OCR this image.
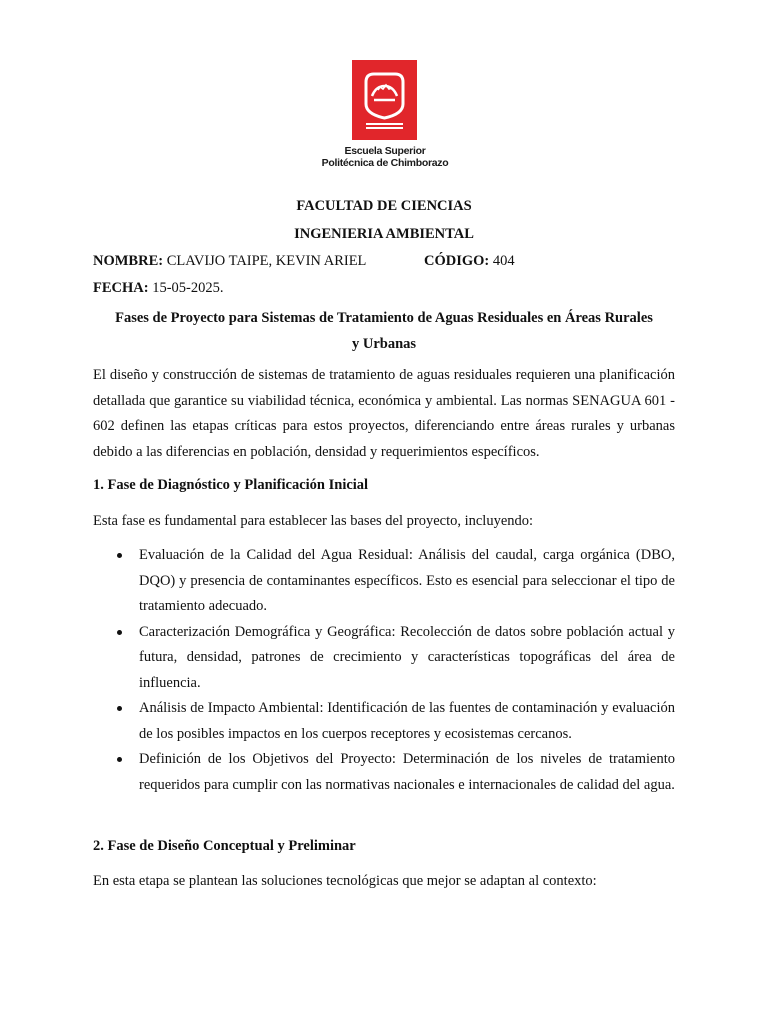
Escuela Superior
Politécnica de Chimborazo
FACULTAD DE CIENCIAS
INGENIERIA AMBIENTAL
NOMBRE: CLAVIJO TAIPE, KEVIN ARIEL	CÓDIGO: 404
FECHA: 15-05-2025.
Fases de Proyecto para Sistemas de Tratamiento de Aguas Residuales en Áreas Rurales
y Urbanas
El diseño y construcción de sistemas de tratamiento de aguas residuales requieren una planificación detallada que garantice su viabilidad técnica, económica y ambiental. Las normas SENAGUA 601 - 602 definen las etapas críticas para estos proyectos, diferenciando entre áreas rurales y urbanas debido a las diferencias en población, densidad y requerimientos específicos.
1. Fase de Diagnóstico y Planificación Inicial
Esta fase es fundamental para establecer las bases del proyecto, incluyendo:
Evaluación de la Calidad del Agua Residual: Análisis del caudal, carga orgánica (DBO, DQO) y presencia de contaminantes específicos. Esto es esencial para seleccionar el tipo de tratamiento adecuado.
Caracterización Demográfica y Geográfica: Recolección de datos sobre población actual y futura, densidad, patrones de crecimiento y características topográficas del área de influencia.
Análisis de Impacto Ambiental: Identificación de las fuentes de contaminación y evaluación de los posibles impactos en los cuerpos receptores y ecosistemas cercanos.
Definición de los Objetivos del Proyecto: Determinación de los niveles de tratamiento requeridos para cumplir con las normativas nacionales e internacionales de calidad del agua.
2. Fase de Diseño Conceptual y Preliminar
En esta etapa se plantean las soluciones tecnológicas que mejor se adaptan al contexto:
